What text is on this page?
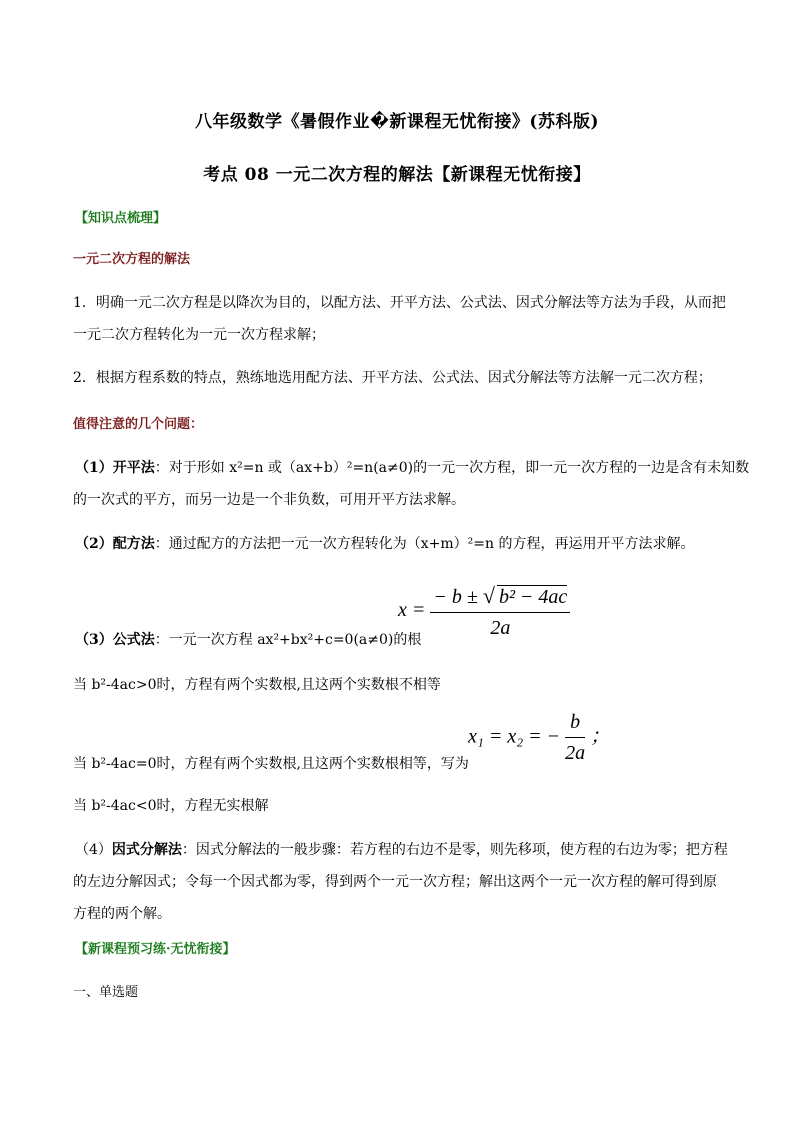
八年级数学《暑假作业�新课程无忧衔接》(苏科版)
考点 08 一元二次方程的解法【新课程无忧衔接】
【知识点梳理】
一元二次方程的解法
1．明确一元二次方程是以降次为目的，以配方法、开平方法、公式法、因式分解法等方法为手段，从而把
一元二次方程转化为一元一次方程求解；
2．根据方程系数的特点，熟练地选用配方法、开平方法、公式法、因式分解法等方法解一元二次方程；
值得注意的几个问题：
（1）开平法：对于形如 x²=n 或（ax+b）²=n(a≠0)的一元一次方程，即一元一次方程的一边是含有未知数
的一次式的平方，而另一边是一个非负数，可用开平方法求解。
（2）配方法：通过配方的方法把一元一次方程转化为（x+m）²=n 的方程，再运用开平方法求解。
$x = \frac{\text{− b ± √ b² − 4ac}}{2a}$
（3）公式法：一元一次方程 ax²+bx²+c=0(a≠0)的根
当 b²-4ac>0时，方程有两个实数根,且这两个实数根不相等
x₁ = x₂ = − $\frac{b}{2a}$ ；
当 b²-4ac=0时，方程有两个实数根,且这两个实数根相等，写为
当 b²-4ac<0时，方程无实根解
（4）因式分解法：因式分解法的一般步骤：若方程的右边不是零，则先移项，使方程的右边为零；把方程
的左边分解因式；令每一个因式都为零，得到两个一元一次方程；解出这两个一元一次方程的解可得到原
方程的两个解。
【新课程预习练·无忧衔接】
一、单选题
